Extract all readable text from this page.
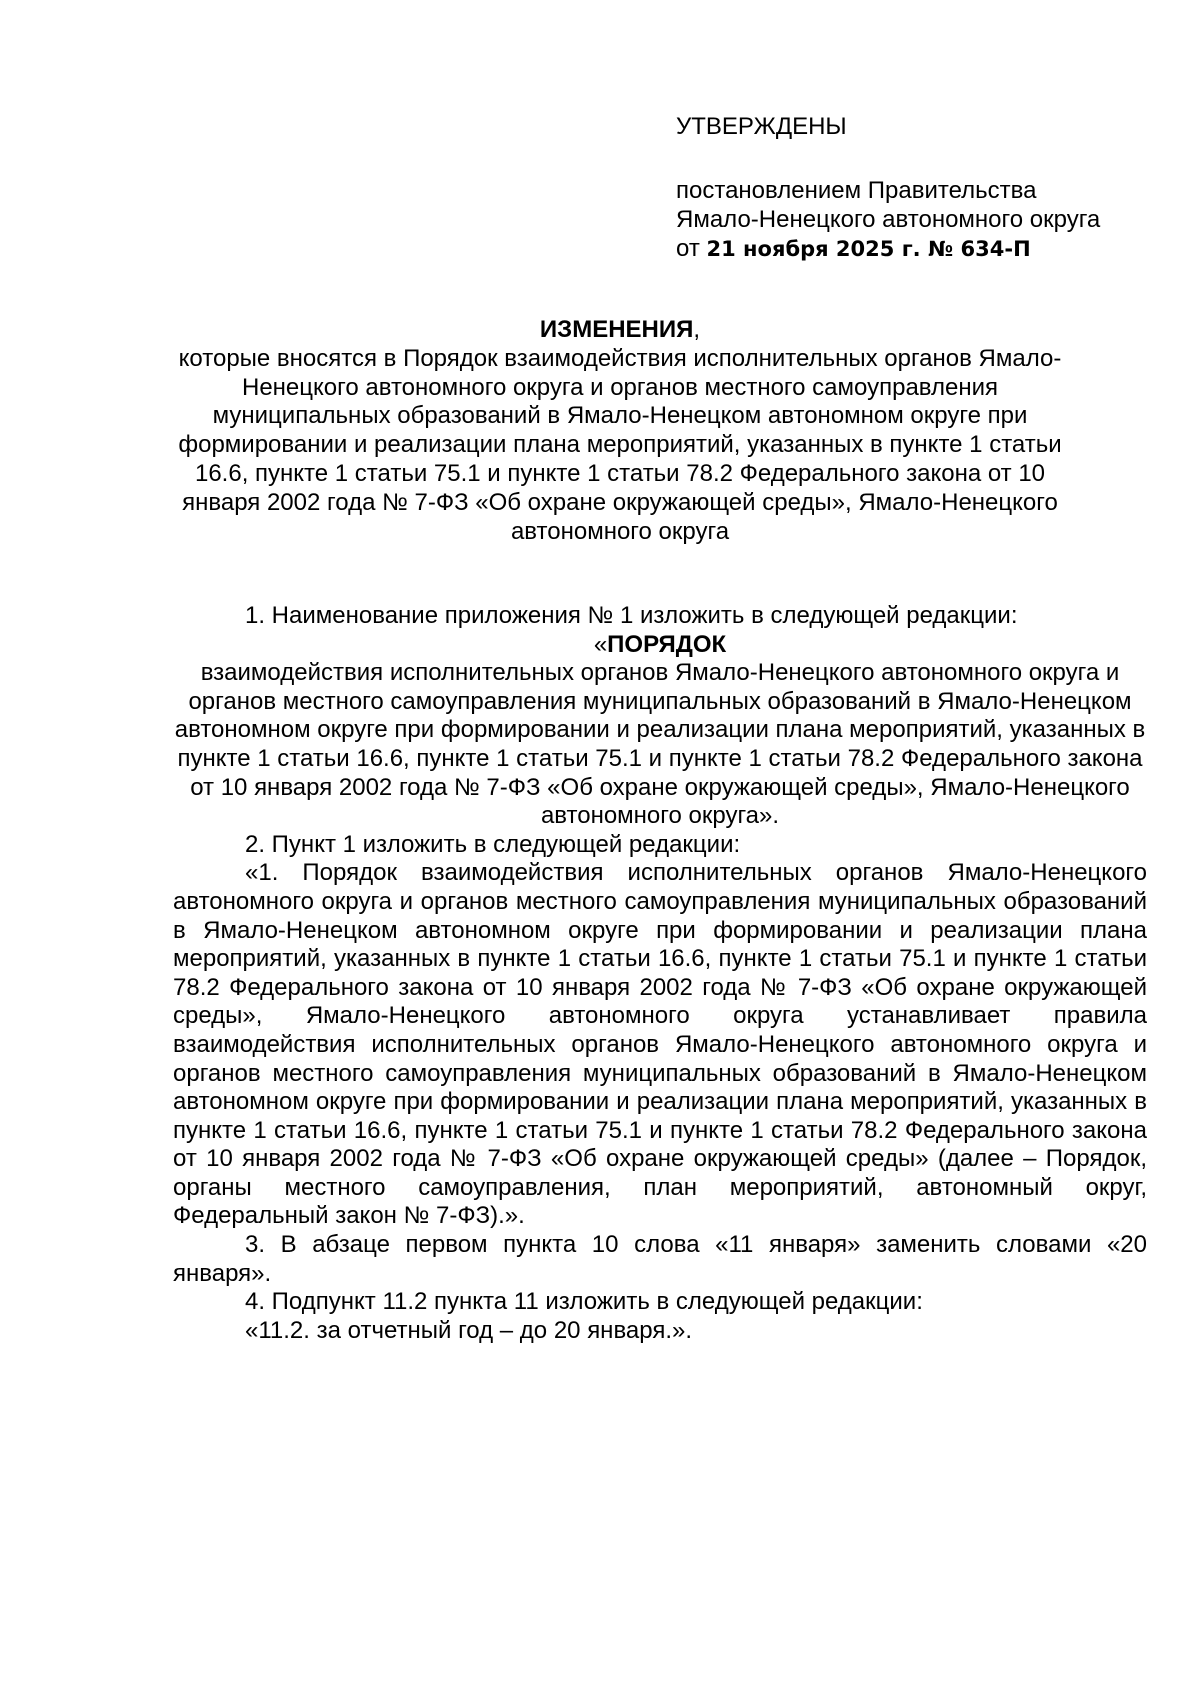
УТВЕРЖДЕНЫ

постановлением Правительства

Ямало-Ненецкого автономного округа

от 21 ноября 2025 г. № 634-П

ИЗМЕНЕНИЯ,

которые вносятся в Порядок взаимодействия исполнительных органов Ямало-Ненецкого автономного округа и органов местного самоуправления муниципальных образований в Ямало-Ненецком автономном округе при формировании и реализации плана мероприятий, указанных в пункте 1 статьи 16.6, пункте 1 статьи 75.1 и пункте 1 статьи 78.2 Федерального закона от 10 января 2002 года № 7-ФЗ «Об охране окружающей среды», Ямало-Ненецкого автономного округа

1. Наименование приложения № 1 изложить в следующей редакции:

«ПОРЯДОК

взаимодействия исполнительных органов Ямало-Ненецкого автономного округа и органов местного самоуправления муниципальных образований в Ямало-Ненецком автономном округе при формировании и реализации плана мероприятий, указанных в пункте 1 статьи 16.6, пункте 1 статьи 75.1 и пункте 1 статьи 78.2 Федерального закона от 10 января 2002 года № 7-ФЗ «Об охране окружающей среды», Ямало-Ненецкого автономного округа».

2. Пункт 1 изложить в следующей редакции:

«1. Порядок взаимодействия исполнительных органов Ямало-Ненецкого автономного округа и органов местного самоуправления муниципальных образований в Ямало-Ненецком автономном округе при формировании и реализации плана мероприятий, указанных в пункте 1 статьи 16.6, пункте 1 статьи 75.1 и пункте 1 статьи 78.2 Федерального закона от 10 января 2002 года № 7-ФЗ «Об охране окружающей среды», Ямало-Ненецкого автономного округа устанавливает правила взаимодействия исполнительных органов Ямало-Ненецкого автономного округа и органов местного самоуправления муниципальных образований в Ямало-Ненецком автономном округе при формировании и реализации плана мероприятий, указанных в пункте 1 статьи 16.6, пункте 1 статьи 75.1 и пункте 1 статьи 78.2 Федерального закона от 10 января 2002 года № 7-ФЗ «Об охране окружающей среды» (далее – Порядок, органы местного самоуправления, план мероприятий, автономный округ, Федеральный закон № 7-ФЗ).».

3. В абзаце первом пункта 10 слова «11 января» заменить словами «20 января».

4. Подпункт 11.2 пункта 11 изложить в следующей редакции:

«11.2. за отчетный год – до 20 января.».
